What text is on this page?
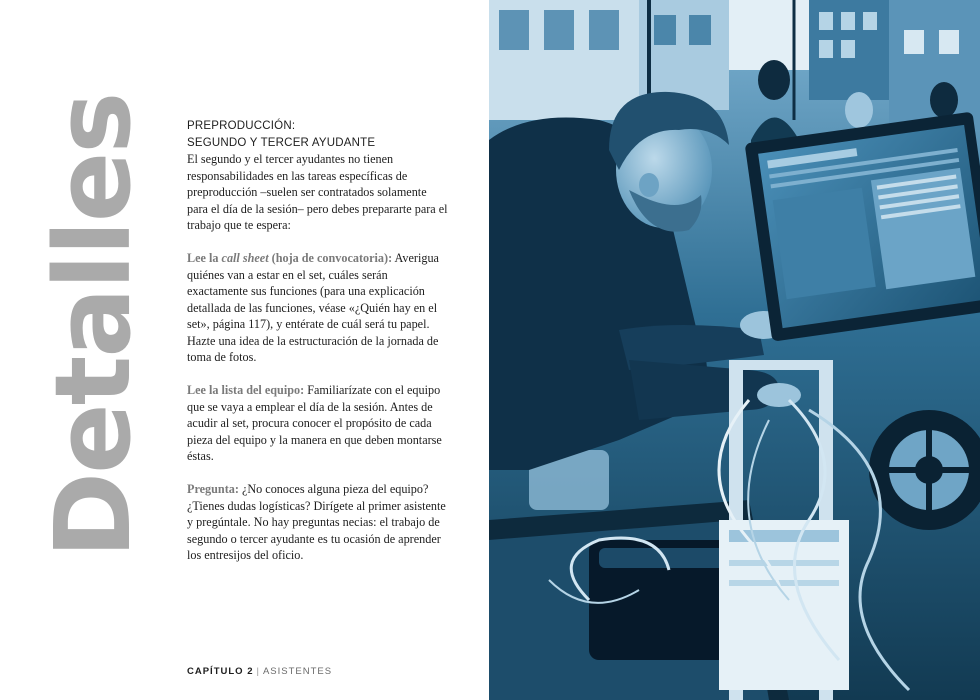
Detalles	PREPRODUCCIÓN:
SEGUNDO Y TERCER AYUDANTE

El segundo y el tercer ayudantes no tienen responsabilidades en las tareas específicas de preproducción –suelen ser contratados solamente para el día de la sesión– pero debes prepararte para el trabajo que te espera:

Lee la call sheet (hoja de convocatoria): Averigua quiénes van a estar en el set, cuáles serán exactamente sus funciones (para una explicación detallada de las funciones, véase «¿Quién hay en el set», página 117), y entérate de cuál será tu papel. Hazte una idea de la estructuración de la jornada de toma de fotos.

Lee la lista del equipo: Familiarízate con el equipo que se vaya a emplear el día de la sesión. Antes de acudir al set, procura conocer el propósito de cada pieza del equipo y la manera en que deben montarse éstas.

Pregunta: ¿No conoces alguna pieza del equipo? ¿Tienes dudas logísticas? Dirígete al primer asistente y pregúntale. No hay preguntas necias: el trabajo de segundo o tercer ayudante es tu ocasión de aprender los entresijos del oficio.

CAPÍTULO 2 | ASISTENTES
